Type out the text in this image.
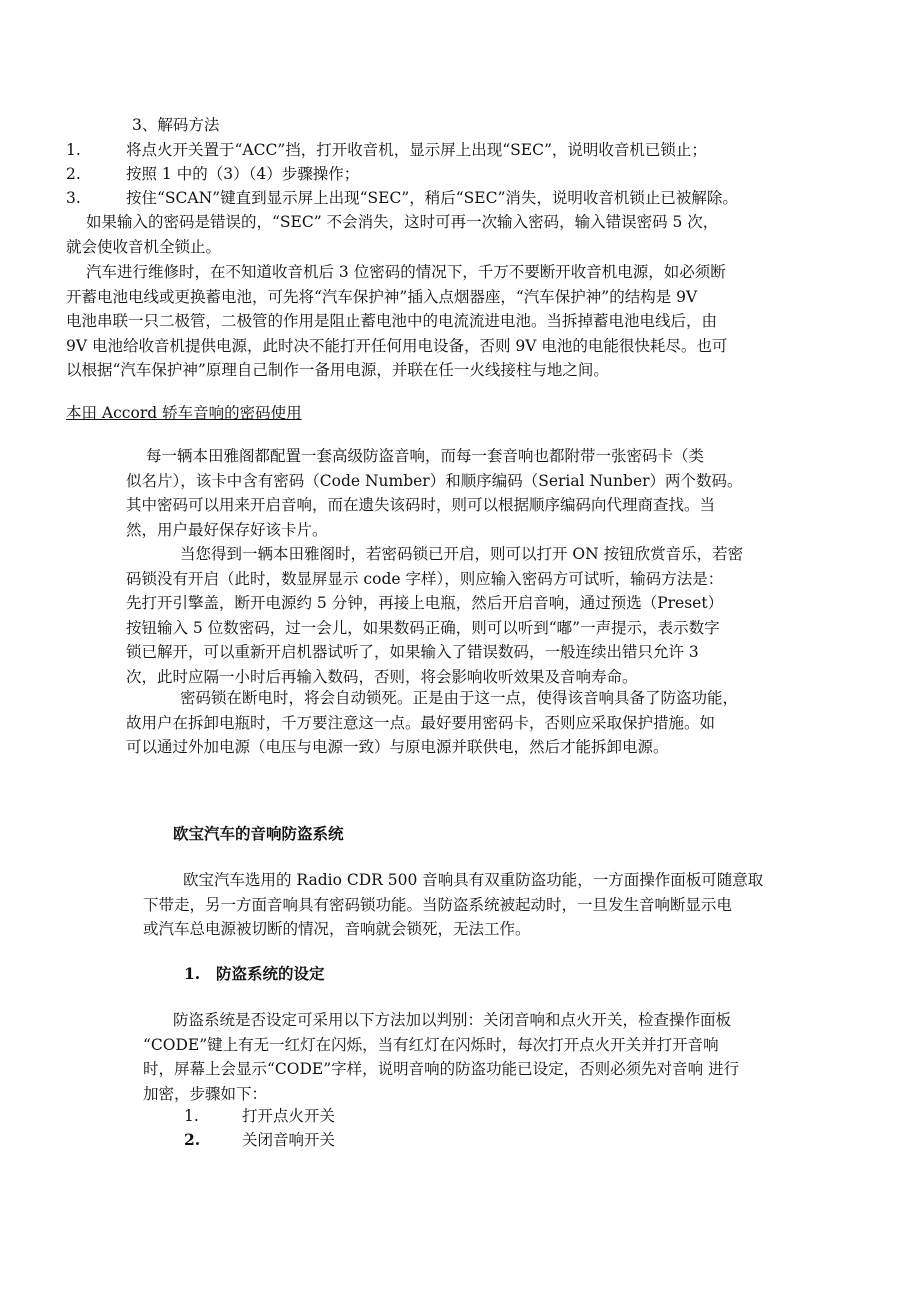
3、解码方法
1.	将点火开关置于“ACC”挡，打开收音机，显示屏上出现“SEC”，说明收音机已锁止；
2.	按照 1 中的（3）（4）步骤操作；
3.	按住“SCAN”键直到显示屏上出现“SEC”，稍后“SEC”消失，说明收音机锁止已被解除。
如果输入的密码是错误的，“SEC” 不会消失，这时可再一次输入密码，输入错误密码 5 次，
就会使收音机全锁止。
汽车进行维修时，在不知道收音机后 3 位密码的情况下，千万不要断开收音机电源，如必须断
开蓄电池电线或更换蓄电池，可先将“汽车保护神”插入点烟器座，“汽车保护神”的结构是 9V
电池串联一只二极管，二极管的作用是阻止蓄电池中的电流流进电池。当拆掉蓄电池电线后，由
9V 电池给收音机提供电源，此时决不能打开任何用电设备，否则 9V 电池的电能很快耗尽。也可
以根据“汽车保护神”原理自己制作一备用电源，并联在任一火线接柱与地之间。
本田 Accord 轿车音响的密码使用
每一辆本田雅阁都配置一套高级防盗音响，而每一套音响也都附带一张密码卡（类
似名片），该卡中含有密码（Code Number）和顺序编码（Serial Nunber）两个数码。
其中密码可以用来开启音响，而在遗失该码时，则可以根据顺序编码向代理商查找。当
然，用户最好保存好该卡片。
当您得到一辆本田雅阁时，若密码锁已开启，则可以打开 ON 按钮欣赏音乐，若密
码锁没有开启（此时，数显屏显示 code 字样），则应输入密码方可试听，输码方法是：
先打开引擎盖，断开电源约 5 分钟，再接上电瓶，然后开启音响，通过预选（Preset）
按钮输入 5 位数密码，过一会儿，如果数码正确，则可以听到“嘟”一声提示，表示数字
锁已解开，可以重新开启机器试听了，如果输入了错误数码，一般连续出错只允许 3
次，此时应隔一小时后再输入数码，否则，将会影响收听效果及音响寿命。
密码锁在断电时，将会自动锁死。正是由于这一点，使得该音响具备了防盗功能，
故用户在拆卸电瓶时，千万要注意这一点。最好要用密码卡，否则应采取保护措施。如
可以通过外加电源（电压与电源一致）与原电源并联供电，然后才能拆卸电源。
欧宝汽车的音响防盗系统
欧宝汽车选用的 Radio CDR 500 音响具有双重防盗功能，一方面操作面板可随意取
下带走，另一方面音响具有密码锁功能。当防盗系统被起动时，一旦发生音响断显示电
或汽车总电源被切断的情况，音响就会锁死，无法工作。
1. 防盗系统的设定
防盗系统是否设定可采用以下方法加以判别：关闭音响和点火开关，检查操作面板
“CODE”键上有无一红灯在闪烁，当有红灯在闪烁时，每次打开点火开关并打开音响
时，屏幕上会显示“CODE”字样，说明音响的防盗功能已设定，否则必须先对音响 进行
加密，步骤如下：
1.	打开点火开关
2.	关闭音响开关
